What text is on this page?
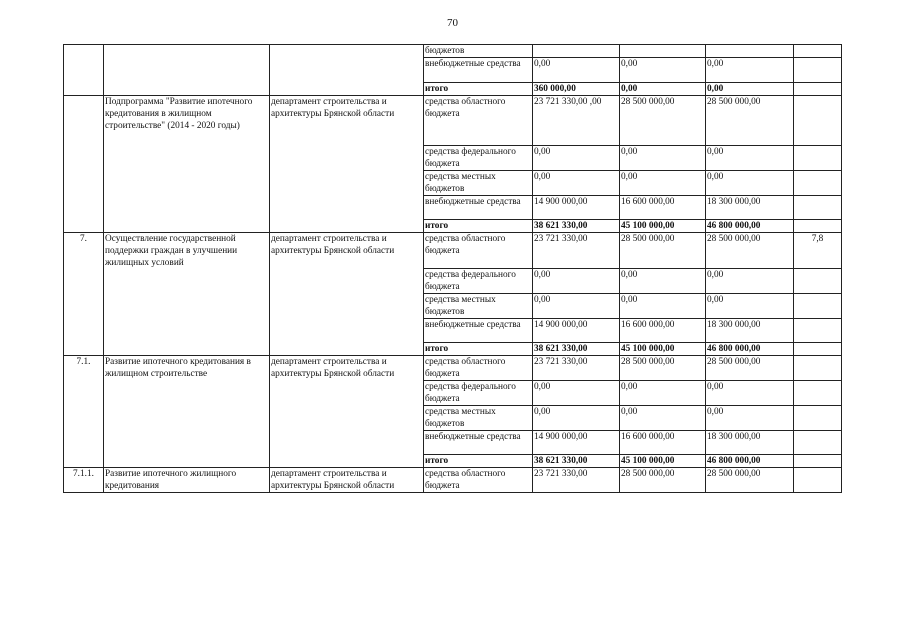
70
			бюджетов				
			внебюджетные средства	0,00	0,00	0,00	
			итого	360 000,00	0,00	0,00	
	Подпрограмма "Развитие ипотечного кредитования в жилищном строительстве" (2014 - 2020 годы)	департамент строительства и архитектуры Брянской области	средства областного бюджета	23 721 330,00 ,00	28 500 000,00	28 500 000,00	
			средства федерального бюджета	0,00	0,00	0,00	
			средства местных бюджетов	0,00	0,00	0,00	
			внебюджетные средства	14 900 000,00	16 600 000,00	18 300 000,00	
			итого	38 621 330,00	45 100 000,00	46 800 000,00	
7.	Осуществление государственной поддержки граждан в улучшении жилищных условий	департамент строительства и архитектуры Брянской области	средства областного бюджета	23 721 330,00	28 500 000,00	28 500 000,00	7,8
			средства федерального бюджета	0,00	0,00	0,00	
			средства местных бюджетов	0,00	0,00	0,00	
			внебюджетные средства	14 900 000,00	16 600 000,00	18 300 000,00	
			итого	38 621 330,00	45 100 000,00	46 800 000,00	
7.1.	Развитие ипотечного кредитования в жилищном строительстве	департамент строительства и архитектуры Брянской области	средства областного бюджета	23 721 330,00	28 500 000,00	28 500 000,00	
			средства федерального бюджета	0,00	0,00	0,00	
			средства местных бюджетов	0,00	0,00	0,00	
			внебюджетные средства	14 900 000,00	16 600 000,00	18 300 000,00	
			итого	38 621 330,00	45 100 000,00	46 800 000,00	
7.1.1.	Развитие ипотечного жилищного кредитования	департамент строительства и архитектуры Брянской области	средства областного бюджета	23 721 330,00	28 500 000,00	28 500 000,00	
